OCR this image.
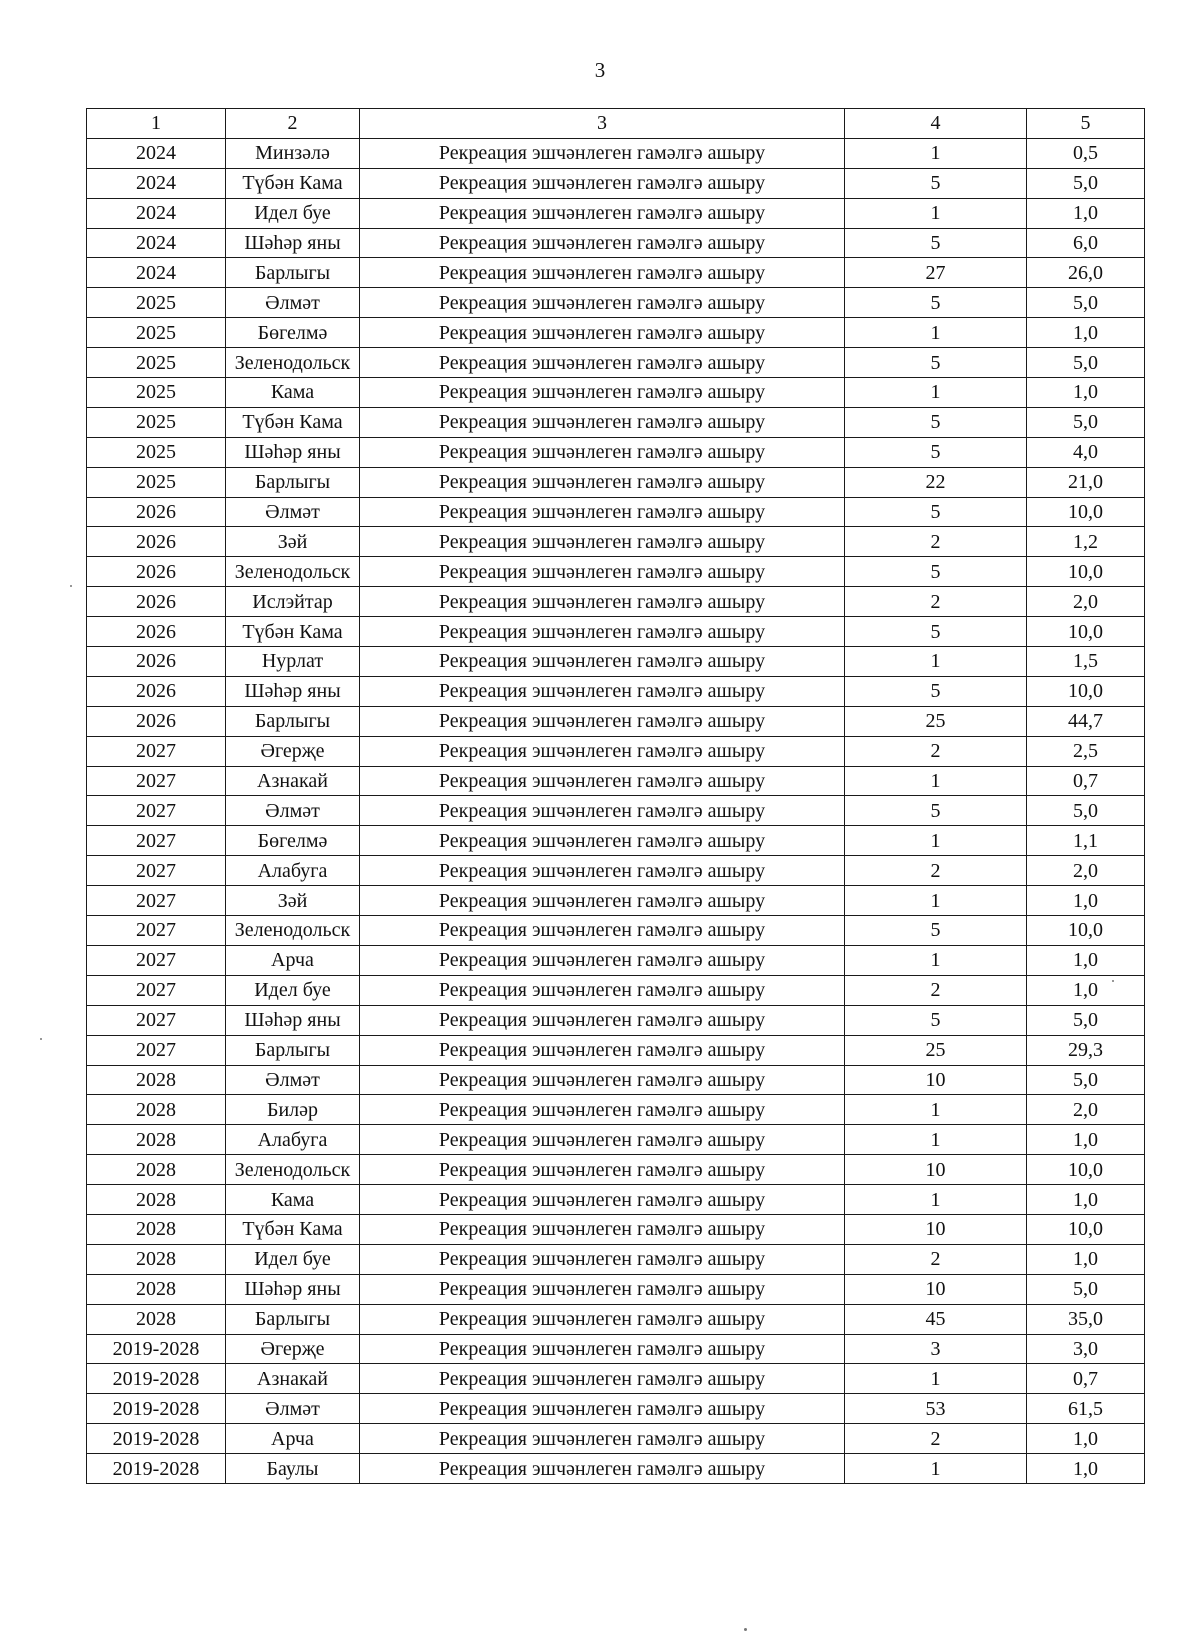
3
1	2	3	4	5
2024	Минзәлә	Рекреация эшчәнлеген гамәлгә ашыру	1	0,5
2024	Түбән Кама	Рекреация эшчәнлеген гамәлгә ашыру	5	5,0
2024	Идел буе	Рекреация эшчәнлеген гамәлгә ашыру	1	1,0
2024	Шәһәр яны	Рекреация эшчәнлеген гамәлгә ашыру	5	6,0
2024	Барлыгы	Рекреация эшчәнлеген гамәлгә ашыру	27	26,0
2025	Әлмәт	Рекреация эшчәнлеген гамәлгә ашыру	5	5,0
2025	Бөгелмә	Рекреация эшчәнлеген гамәлгә ашыру	1	1,0
2025	Зеленодольск	Рекреация эшчәнлеген гамәлгә ашыру	5	5,0
2025	Кама	Рекреация эшчәнлеген гамәлгә ашыру	1	1,0
2025	Түбән Кама	Рекреация эшчәнлеген гамәлгә ашыру	5	5,0
2025	Шәһәр яны	Рекреация эшчәнлеген гамәлгә ашыру	5	4,0
2025	Барлыгы	Рекреация эшчәнлеген гамәлгә ашыру	22	21,0
2026	Әлмәт	Рекреация эшчәнлеген гамәлгә ашыру	5	10,0
2026	Зәй	Рекреация эшчәнлеген гамәлгә ашыру	2	1,2
2026	Зеленодольск	Рекреация эшчәнлеген гамәлгә ашыру	5	10,0
2026	Ислэйтар	Рекреация эшчәнлеген гамәлгә ашыру	2	2,0
2026	Түбән Кама	Рекреация эшчәнлеген гамәлгә ашыру	5	10,0
2026	Нурлат	Рекреация эшчәнлеген гамәлгә ашыру	1	1,5
2026	Шәһәр яны	Рекреация эшчәнлеген гамәлгә ашыру	5	10,0
2026	Барлыгы	Рекреация эшчәнлеген гамәлгә ашыру	25	44,7
2027	Әгерҗе	Рекреация эшчәнлеген гамәлгә ашыру	2	2,5
2027	Азнакай	Рекреация эшчәнлеген гамәлгә ашыру	1	0,7
2027	Әлмәт	Рекреация эшчәнлеген гамәлгә ашыру	5	5,0
2027	Бөгелмә	Рекреация эшчәнлеген гамәлгә ашыру	1	1,1
2027	Алабуга	Рекреация эшчәнлеген гамәлгә ашыру	2	2,0
2027	Зәй	Рекреация эшчәнлеген гамәлгә ашыру	1	1,0
2027	Зеленодольск	Рекреация эшчәнлеген гамәлгә ашыру	5	10,0
2027	Арча	Рекреация эшчәнлеген гамәлгә ашыру	1	1,0
2027	Идел буе	Рекреация эшчәнлеген гамәлгә ашыру	2	1,0
2027	Шәһәр яны	Рекреация эшчәнлеген гамәлгә ашыру	5	5,0
2027	Барлыгы	Рекреация эшчәнлеген гамәлгә ашыру	25	29,3
2028	Әлмәт	Рекреация эшчәнлеген гамәлгә ашыру	10	5,0
2028	Биләр	Рекреация эшчәнлеген гамәлгә ашыру	1	2,0
2028	Алабуга	Рекреация эшчәнлеген гамәлгә ашыру	1	1,0
2028	Зеленодольск	Рекреация эшчәнлеген гамәлгә ашыру	10	10,0
2028	Кама	Рекреация эшчәнлеген гамәлгә ашыру	1	1,0
2028	Түбән Кама	Рекреация эшчәнлеген гамәлгә ашыру	10	10,0
2028	Идел буе	Рекреация эшчәнлеген гамәлгә ашыру	2	1,0
2028	Шәһәр яны	Рекреация эшчәнлеген гамәлгә ашыру	10	5,0
2028	Барлыгы	Рекреация эшчәнлеген гамәлгә ашыру	45	35,0
2019-2028	Әгерҗе	Рекреация эшчәнлеген гамәлгә ашыру	3	3,0
2019-2028	Азнакай	Рекреация эшчәнлеген гамәлгә ашыру	1	0,7
2019-2028	Әлмәт	Рекреация эшчәнлеген гамәлгә ашыру	53	61,5
2019-2028	Арча	Рекреация эшчәнлеген гамәлгә ашыру	2	1,0
2019-2028	Баулы	Рекреация эшчәнлеген гамәлгә ашыру	1	1,0
